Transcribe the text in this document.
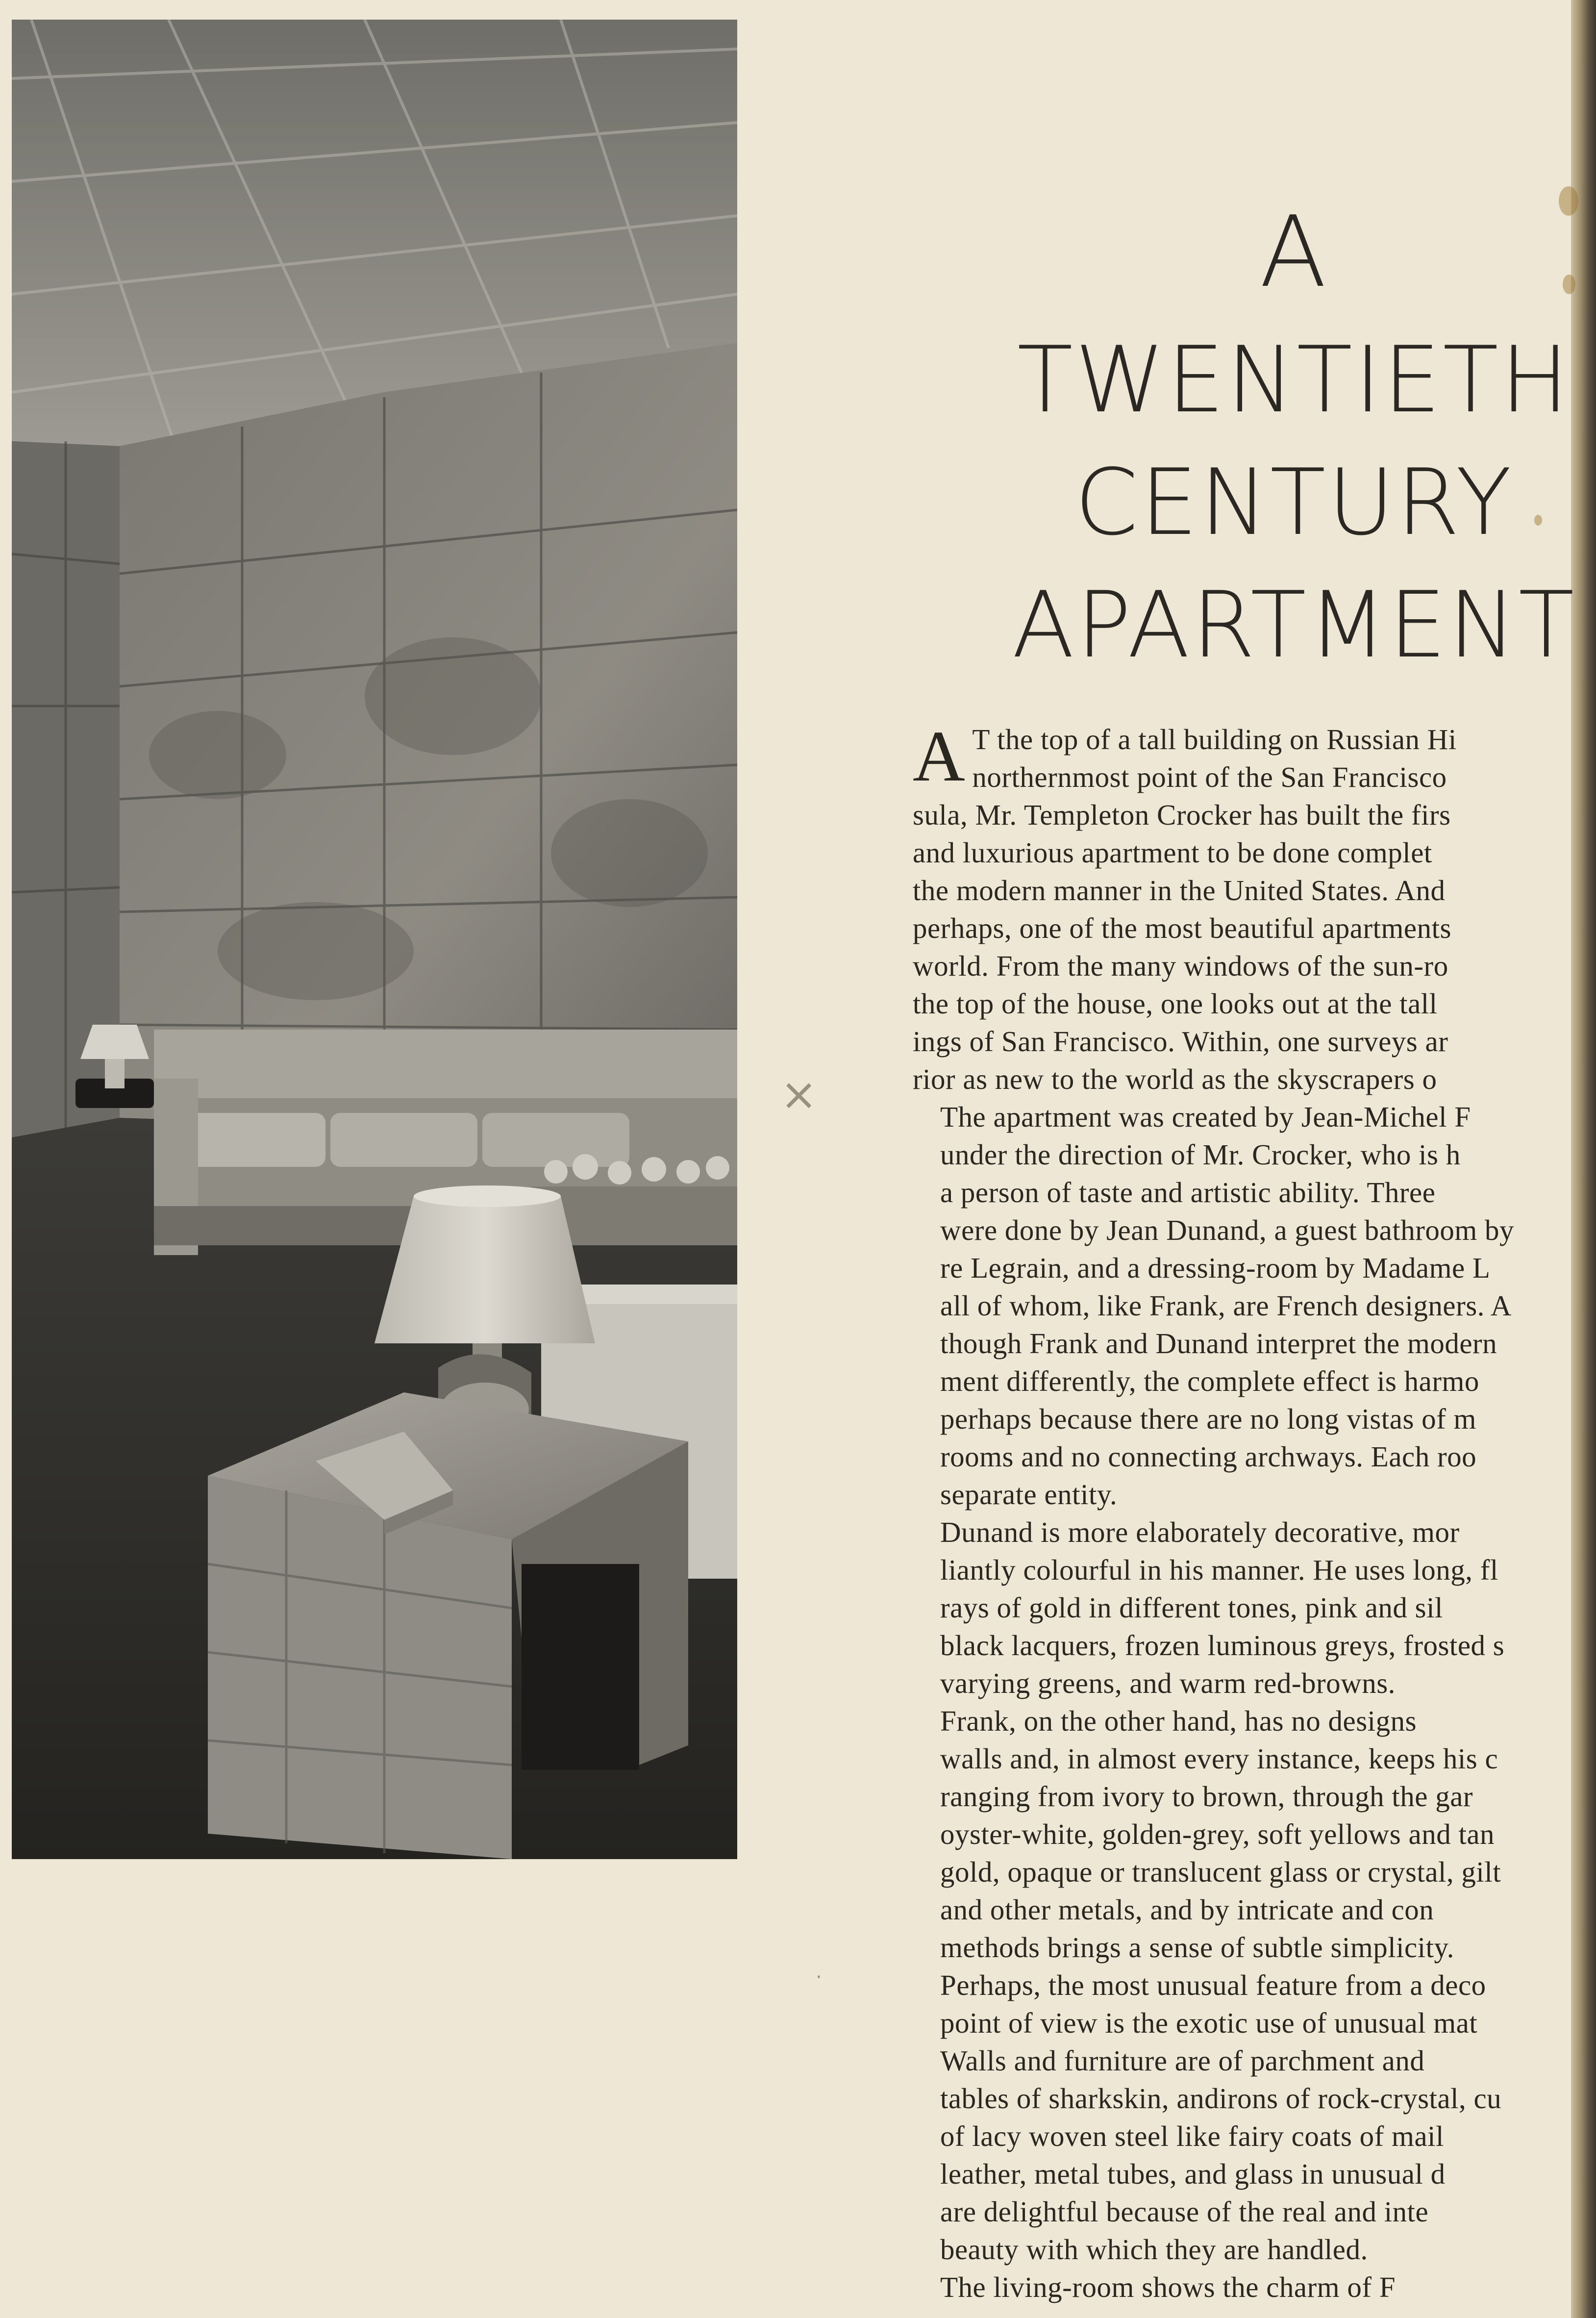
A
TWENTIETH
CENTURY
APARTMENT

A T the top of a tall building on Russian Hi
northernmost point of the San Francisco
sula, Mr. Templeton Crocker has built the firs
and luxurious apartment to be done complet
the modern manner in the United States. And
perhaps, one of the most beautiful apartments
world. From the many windows of the sun-ro
the top of the house, one looks out at the tall
ings of San Francisco. Within, one surveys ar
rior as new to the world as the skyscrapers o

The apartment was created by Jean-Michel F
under the direction of Mr. Crocker, who is h
a person of taste and artistic ability. Three
were done by Jean Dunand, a guest bathroom by
re Legrain, and a dressing-room by Madame L
all of whom, like Frank, are French designers. A
though Frank and Dunand interpret the modern
ment differently, the complete effect is harmo
perhaps because there are no long vistas of m
rooms and no connecting archways. Each roo
separate entity.

Dunand is more elaborately decorative, mor
liantly colourful in his manner. He uses long, fl
rays of gold in different tones, pink and sil
black lacquers, frozen luminous greys, frosted s
varying greens, and warm red-browns.

Frank, on the other hand, has no designs
walls and, in almost every instance, keeps his c
ranging from ivory to brown, through the gar
oyster-white, golden-grey, soft yellows and tan
gold, opaque or translucent glass or crystal, gilt
and other metals, and by intricate and con
methods brings a sense of subtle simplicity.

Perhaps, the most unusual feature from a deco
point of view is the exotic use of unusual mat
Walls and furniture are of parchment and
tables of sharkskin, andirons of rock-crystal, cu
of lacy woven steel like fairy coats of mail
leather, metal tubes, and glass in unusual d
are delightful because of the real and inte
beauty with which they are handled.

The living-room shows the charm of F

×
·
